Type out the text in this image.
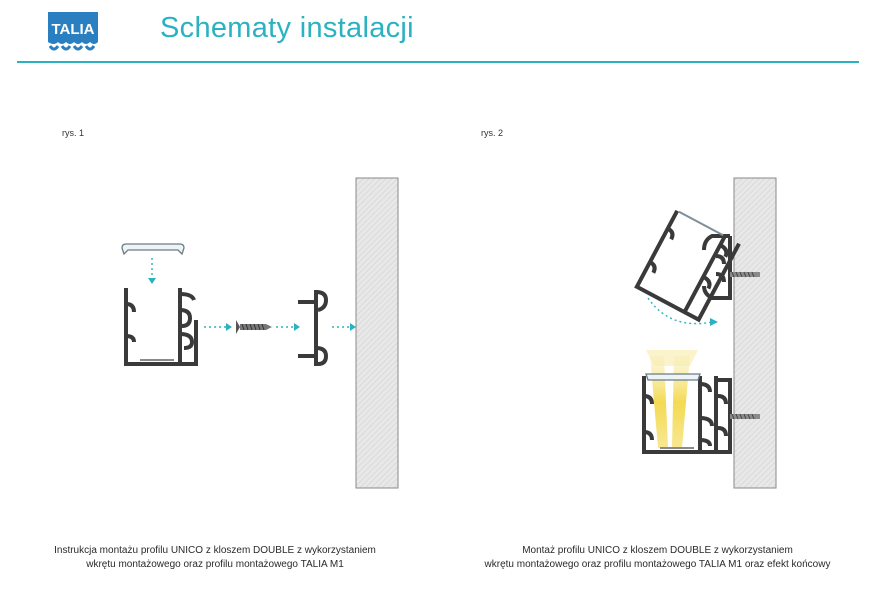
TALIA Schematy instalacji
rys. 1	rys. 2
Instrukcja montażu profilu UNICO z kloszem DOUBLE z wykorzystaniem
wkrętu montażowego oraz profilu montażowego TALIA M1
Montaż profilu UNICO z kloszem DOUBLE z wykorzystaniem
wkrętu montażowego oraz profilu montażowego TALIA M1 oraz efekt końcowy
